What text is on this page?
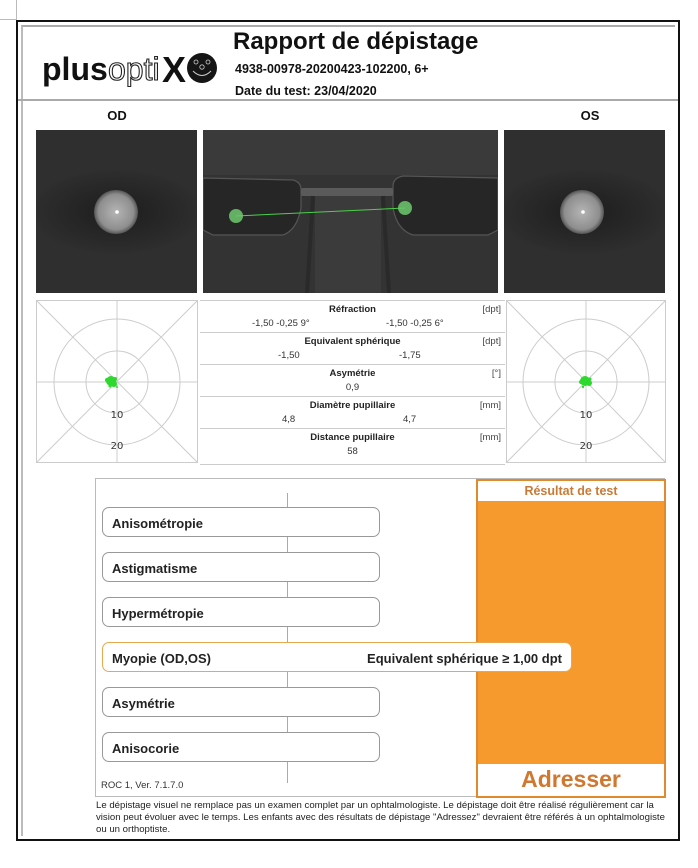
plus opti X
Rapport de dépistage
4938-00978-20200423-102200, 6+
Date du test: 23/04/2020
OD	OS
10
20
Réfraction	[dpt]
-1,50 -0,25 9°	-1,50 -0,25 6°
Equivalent sphérique	[dpt]
-1,50	-1,75
Asymétrie	[°]
0,9
Diamètre pupillaire	[mm]
4,8	4,7
Distance pupillaire	[mm]
58
10
20
Résultat de test
Adresser
Anisométropie
Astigmatisme
Hypermétropie
Myopie (OD,OS)	Equivalent sphérique ≥ 1,00 dpt
Asymétrie
Anisocorie
ROC 1, Ver. 7.1.7.0
Le dépistage visuel ne remplace pas un examen complet par un ophtalmologiste. Le dépistage doit être réalisé régulièrement car la vision peut évoluer avec le temps. Les enfants avec des résultats de dépistage "Adressez" devraient être référés à un ophtalmologiste ou un orthoptiste.
